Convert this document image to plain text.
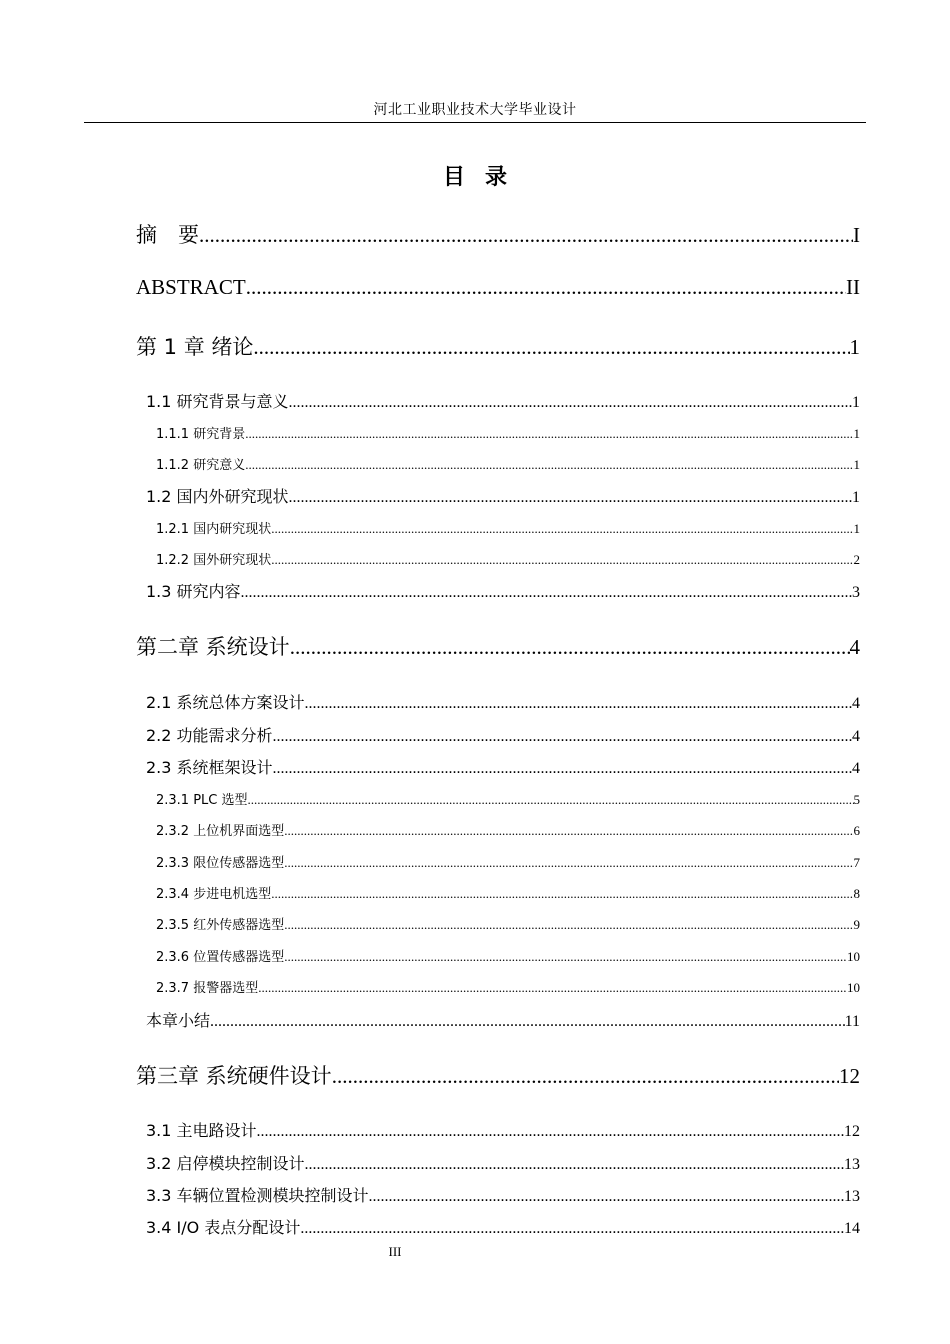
河北工业职业技术大学毕业设计
目录
摘　要 .....	I
ABSTRACT .....	II
第 1 章 绪论 .....	1
1.1 研究背景与意义 .....	1
1.1.1 研究背景 .....	1
1.1.2 研究意义 .....	1
1.2 国内外研究现状 .....	1
1.2.1 国内研究现状 .....	1
1.2.2 国外研究现状 .....	2
1.3 研究内容 .....	3
第二章 系统设计 .....	4
2.1 系统总体方案设计 .....	4
2.2 功能需求分析 .....	4
2.3 系统框架设计 .....	4
2.3.1 PLC 选型 .....	5
2.3.2 上位机界面选型 .....	6
2.3.3 限位传感器选型 .....	7
2.3.4 步进电机选型 .....	8
2.3.5 红外传感器选型 .....	9
2.3.6 位置传感器选型 .....	10
2.3.7 报警器选型 .....	10
本章小结 .....	11
第三章 系统硬件设计 .....	12
3.1 主电路设计 .....	12
3.2 启停模块控制设计 .....	13
3.3 车辆位置检测模块控制设计 .....	13
3.4 I/O 表点分配设计 .....	14
III
